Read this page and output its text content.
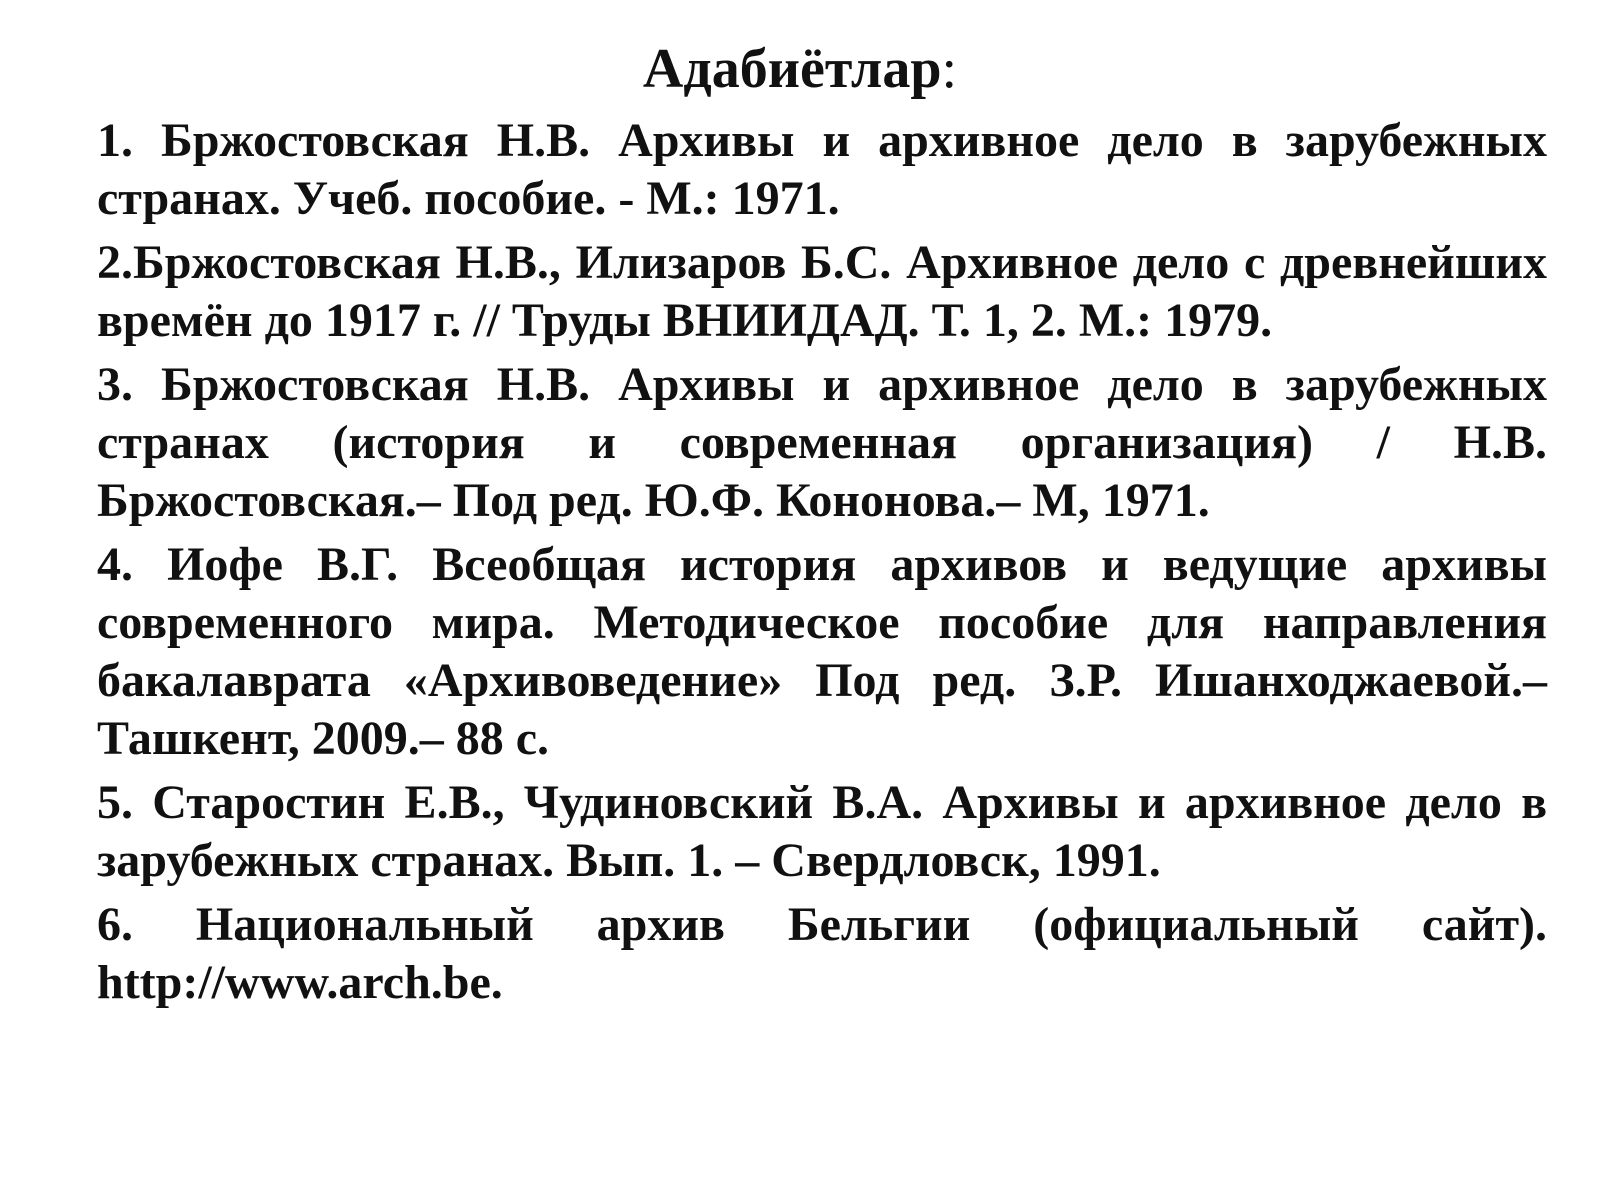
Адабиётлар:
1. Бржостовская Н.В. Архивы и архивное дело в зарубежных странах. Учеб. пособие. - М.: 1971.
2.Бржостовская Н.В., Илизаров Б.С. Архивное дело с древнейших времён до 1917 г. // Труды ВНИИДАД. Т. 1, 2. М.: 1979.
3. Бржостовская Н.В. Архивы и архивное дело в зарубежных странах (история и современная организация) / Н.В. Бржостовская.– Под ред. Ю.Ф. Кононова.– М, 1971.
4. Иофе В.Г. Всеобщая история архивов и ведущие архивы современного мира. Методическое пособие для направления бакалаврата «Архивоведение» Под ред. З.Р. Ишанходжаевой.– Ташкент, 2009.– 88 с.
5. Старостин Е.В., Чудиновский В.А. Архивы и архивное дело в зарубежных странах. Вып. 1. – Свердловск, 1991.
6. Национальный архив Бельгии (официальный сайт). http://www.arch.be.
